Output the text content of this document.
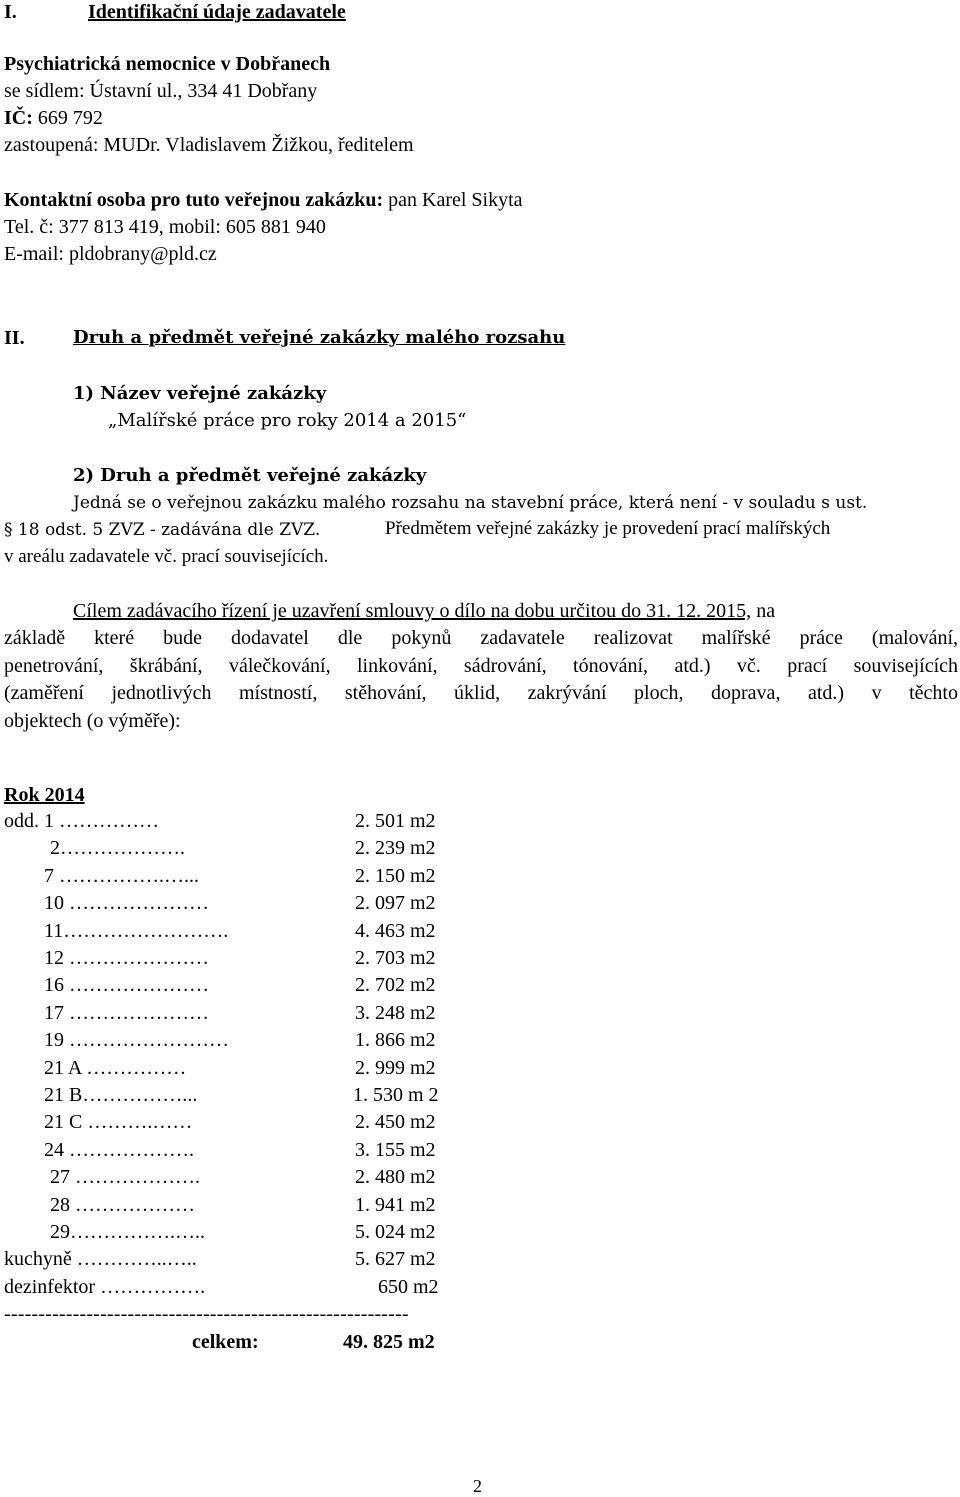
I.	Identifikační údaje zadavatele
Psychiatrická nemocnice v Dobřanech
se sídlem: Ústavní ul., 334 41 Dobřany
IČ: 669 792
zastoupená: MUDr. Vladislavem Žižkou, ředitelem
Kontaktní osoba pro tuto veřejnou zakázku: pan Karel Sikyta
Tel. č: 377 813 419, mobil: 605 881 940
E-mail: pldobrany@pld.cz
II.	Druh a předmět veřejné zakázky malého rozsahu
1) Název veřejné zakázky
„Malířské práce pro roky 2014 a 2015“
2) Druh a předmět veřejné zakázky
Jedná se o veřejnou zakázku malého rozsahu na stavební práce, která není - v souladu s ust.
§ 18 odst. 5 ZVZ - zadávána dle ZVZ.	Předmětem veřejné zakázky je provedení prací malířských
v areálu zadavatele vč. prací souvisejících.
Cílem zadávacího řízení je uzavření smlouvy o dílo na dobu určitou do 31. 12. 2015, na
základě které bude dodavatel dle pokynů zadavatele realizovat malířské práce (malování,
penetrování, škrábání, válečkování, linkování, sádrování, tónování, atd.) vč. prací souvisejících
(zaměření jednotlivých místností, stěhování, úklid, zakrývání ploch, doprava, atd.) v těchto
objektech (o výměře):
Rok 2014
odd. 1 ……………	2. 501 m2
2……………….	2. 239 m2
7 …………….…...	2. 150 m2
10 …………………	2. 097 m2
11…………………….	4. 463 m2
12 …………………	2. 703 m2
16 …………………	2. 702 m2
17 …………………	3. 248 m2
19 ……………………	1. 866 m2
21 A ……………	2. 999 m2
21 B……………...	1. 530 m 2
21 C ……….……	2. 450 m2
24 ……………….	3. 155 m2
27 ……………….	2. 480 m2
28 ………………	1. 941 m2
29…………….…..	5. 024 m2
kuchyně …………..…..	5. 627 m2
dezinfektor …………….	650 m2
-----------------------------------------------------------
celkem:	49. 825 m2
2
